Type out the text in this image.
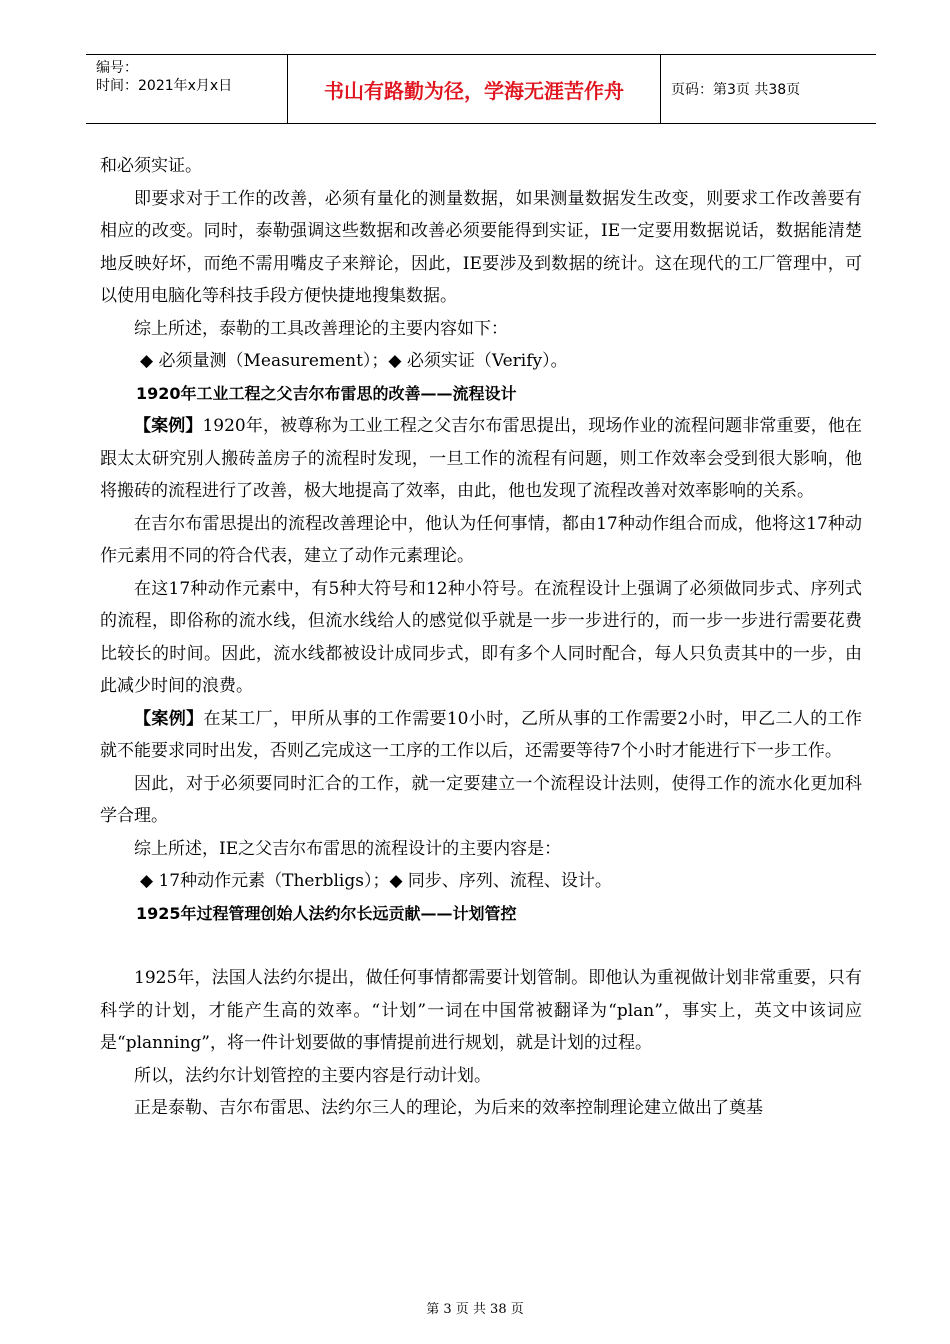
编号：
时间：2021年x月x日	书山有路勤为径，学海无涯苦作舟	页码：第3页 共38页

和必须实证。

即要求对于工作的改善，必须有量化的测量数据，如果测量数据发生改变，则要求工作改善要有相应的改变。同时，泰勒强调这些数据和改善必须要能得到实证，IE一定要用数据说话，数据能清楚地反映好坏，而绝不需用嘴皮子来辩论，因此，IE要涉及到数据的统计。这在现代的工厂管理中，可以使用电脑化等科技手段方便快捷地搜集数据。

综上所述，泰勒的工具改善理论的主要内容如下：

◆ 必须量测（Measurement）；◆ 必须实证（Verify）。

1920年工业工程之父吉尔布雷思的改善——流程设计

【案例】1920年，被尊称为工业工程之父吉尔布雷思提出，现场作业的流程问题非常重要，他在跟太太研究别人搬砖盖房子的流程时发现，一旦工作的流程有问题，则工作效率会受到很大影响，他将搬砖的流程进行了改善，极大地提高了效率，由此，他也发现了流程改善对效率影响的关系。

在吉尔布雷思提出的流程改善理论中，他认为任何事情，都由17种动作组合而成，他将这17种动作元素用不同的符合代表，建立了动作元素理论。

在这17种动作元素中，有5种大符号和12种小符号。在流程设计上强调了必须做同步式、序列式的流程，即俗称的流水线，但流水线给人的感觉似乎就是一步一步进行的，而一步一步进行需要花费比较长的时间。因此，流水线都被设计成同步式，即有多个人同时配合，每人只负责其中的一步，由此减少时间的浪费。

【案例】在某工厂，甲所从事的工作需要10小时，乙所从事的工作需要2小时，甲乙二人的工作就不能要求同时出发，否则乙完成这一工序的工作以后，还需要等待7个小时才能进行下一步工作。

因此，对于必须要同时汇合的工作，就一定要建立一个流程设计法则，使得工作的流水化更加科学合理。

综上所述，IE之父吉尔布雷思的流程设计的主要内容是：

◆ 17种动作元素（Therbligs）；◆ 同步、序列、流程、设计。

1925年过程管理创始人法约尔长远贡献——计划管控

1925年，法国人法约尔提出，做任何事情都需要计划管制。即他认为重视做计划非常重要，只有科学的计划，才能产生高的效率。“计划”一词在中国常被翻译为“plan”，事实上，英文中该词应是“planning”，将一件计划要做的事情提前进行规划，就是计划的过程。

所以，法约尔计划管控的主要内容是行动计划。

正是泰勒、吉尔布雷思、法约尔三人的理论，为后来的效率控制理论建立做出了奠基

第 3 页 共 38 页
